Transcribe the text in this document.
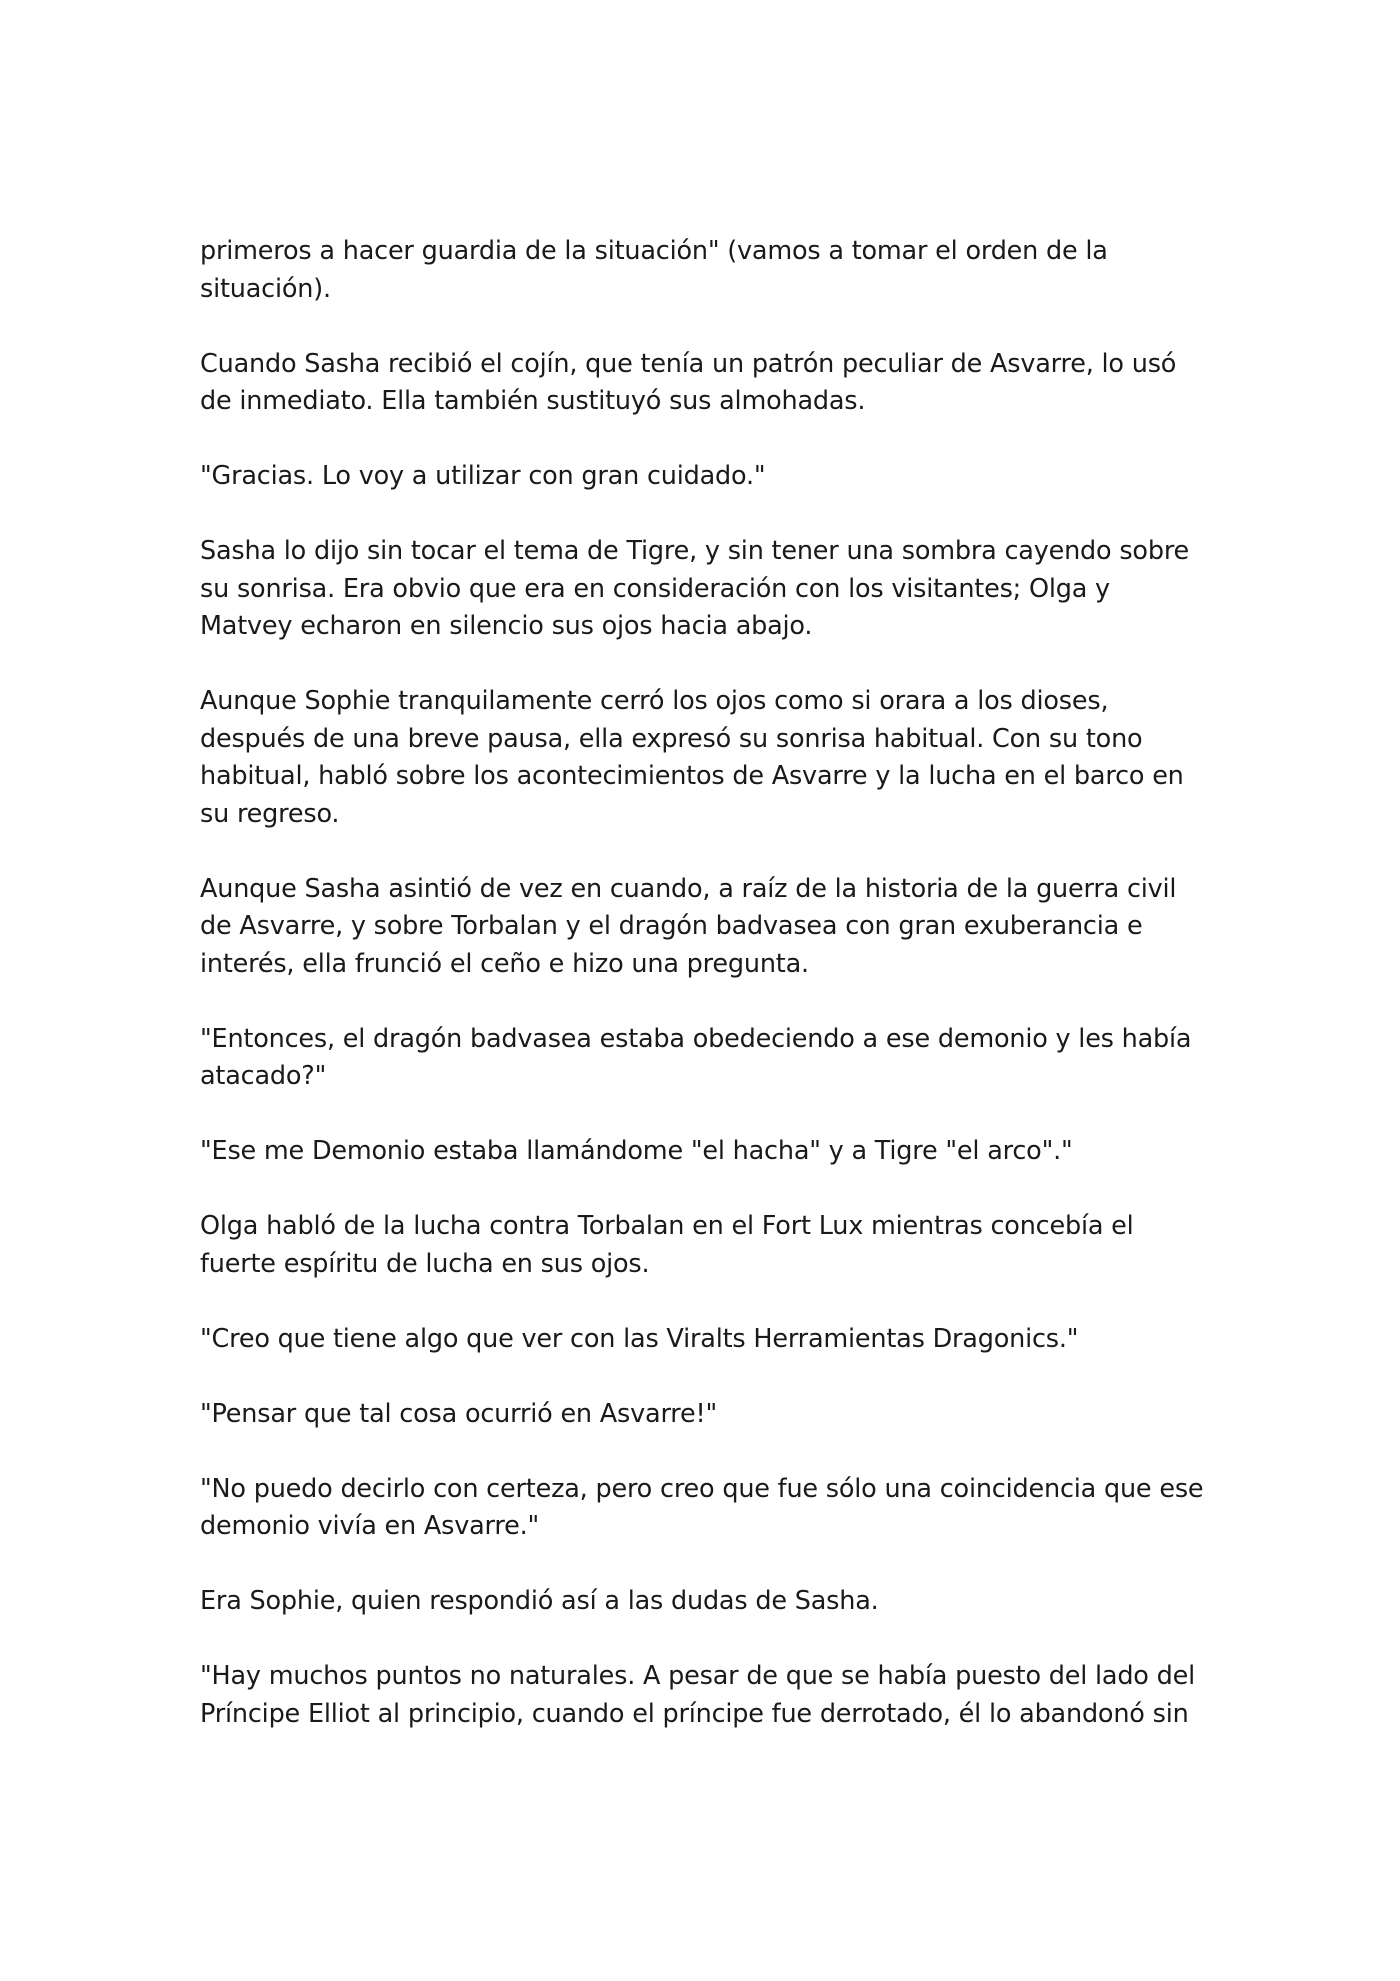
primeros a hacer guardia de la situación" (vamos a tomar el orden de la situación).

Cuando Sasha recibió el cojín, que tenía un patrón peculiar de Asvarre, lo usó de inmediato. Ella también sustituyó sus almohadas.

"Gracias. Lo voy a utilizar con gran cuidado."

Sasha lo dijo sin tocar el tema de Tigre, y sin tener una sombra cayendo sobre su sonrisa. Era obvio que era en consideración con los visitantes; Olga y Matvey echaron en silencio sus ojos hacia abajo.

Aunque Sophie tranquilamente cerró los ojos como si orara a los dioses, después de una breve pausa, ella expresó su sonrisa habitual. Con su tono habitual, habló sobre los acontecimientos de Asvarre y la lucha en el barco en su regreso.

Aunque Sasha asintió de vez en cuando, a raíz de la historia de la guerra civil de Asvarre, y sobre Torbalan y el dragón badvasea con gran exuberancia e interés, ella frunció el ceño e hizo una pregunta.

"Entonces, el dragón badvasea estaba obedeciendo a ese demonio y les había atacado?"

"Ese me Demonio estaba llamándome "el hacha" y a Tigre "el arco"."

Olga habló de la lucha contra Torbalan en el Fort Lux mientras concebía el fuerte espíritu de lucha en sus ojos.

"Creo que tiene algo que ver con las Viralts Herramientas Dragonics."

"Pensar que tal cosa ocurrió en Asvarre!"

"No puedo decirlo con certeza, pero creo que fue sólo una coincidencia que ese demonio vivía en Asvarre."

Era Sophie, quien respondió así a las dudas de Sasha.

"Hay muchos puntos no naturales. A pesar de que se había puesto del lado del Príncipe Elliot al principio, cuando el príncipe fue derrotado, él lo abandonó sin
